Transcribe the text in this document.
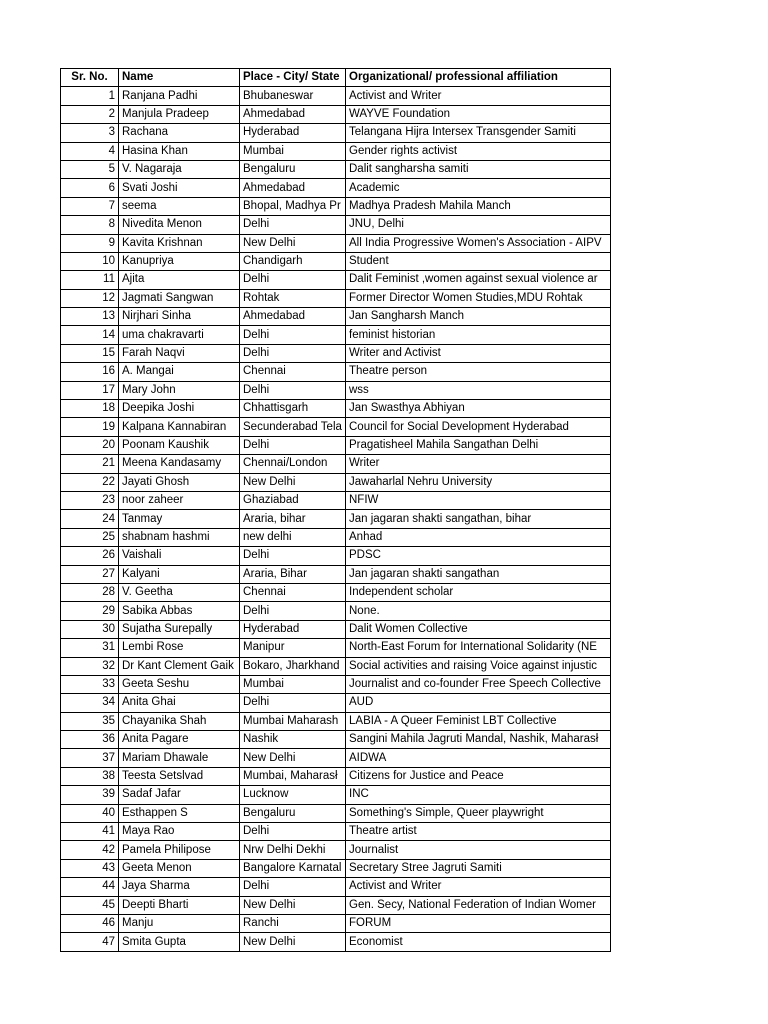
Sr. No.	Name	Place - City/ State	Organizational/ professional affiliation
1	Ranjana Padhi	Bhubaneswar	Activist and Writer
2	Manjula Pradeep	Ahmedabad	WAYVE Foundation
3	Rachana	Hyderabad	Telangana Hijra Intersex Transgender Samiti
4	Hasina Khan	Mumbai	Gender rights activist
5	V. Nagaraja	Bengaluru	Dalit sangharsha samiti
6	Svati Joshi	Ahmedabad	Academic
7	seema	Bhopal, Madhya Pr	Madhya Pradesh Mahila Manch
8	Nivedita Menon	Delhi	JNU, Delhi
9	Kavita Krishnan	New Delhi	All India Progressive Women's Association - AIPV
10	Kanupriya	Chandigarh	Student
11	Ajita	Delhi	Dalit Feminist ,women against sexual violence ar
12	Jagmati Sangwan	Rohtak	Former Director Women Studies,MDU Rohtak
13	Nirjhari Sinha	Ahmedabad	Jan Sangharsh Manch
14	uma chakravarti	Delhi	feminist historian
15	Farah Naqvi	Delhi	Writer and Activist
16	A. Mangai	Chennai	Theatre person
17	Mary John	Delhi	wss
18	Deepika Joshi	Chhattisgarh	Jan Swasthya Abhiyan
19	Kalpana Kannabiran	Secunderabad Tela	Council for Social Development Hyderabad
20	Poonam Kaushik	Delhi	Pragatisheel Mahila Sangathan Delhi
21	Meena Kandasamy	Chennai/London	Writer
22	Jayati Ghosh	New Delhi	Jawaharlal Nehru University
23	noor zaheer	Ghaziabad	NFIW
24	Tanmay	Araria, bihar	Jan jagaran shakti sangathan, bihar
25	shabnam hashmi	new delhi	Anhad
26	Vaishali	Delhi	PDSC
27	Kalyani	Araria, Bihar	Jan jagaran shakti sangathan
28	V. Geetha	Chennai	Independent scholar
29	Sabika Abbas	Delhi	None.
30	Sujatha Surepally	Hyderabad	Dalit Women Collective
31	Lembi Rose	Manipur	North-East Forum for International Solidarity (NE
32	Dr Kant Clement Gaik	Bokaro, Jharkhand	Social activities and raising Voice against injustic
33	Geeta Seshu	Mumbai	Journalist and co-founder Free Speech Collective
34	Anita Ghai	Delhi	AUD
35	Chayanika Shah	Mumbai Maharash	LABIA - A Queer Feminist LBT Collective
36	Anita Pagare	Nashik	Sangini Mahila Jagruti Mandal, Nashik, Maharasł
37	Mariam Dhawale	New Delhi	AIDWA
38	Teesta Setslvad	Mumbai, Maharasł	Citizens for Justice and Peace
39	Sadaf Jafar	Lucknow	INC
40	Esthappen S	Bengaluru	Something's Simple, Queer playwright
41	Maya Rao	Delhi	Theatre artist
42	Pamela Philipose	Nrw Delhi Dekhi	Journalist
43	Geeta Menon	Bangalore Karnatal	Secretary Stree Jagruti Samiti
44	Jaya Sharma	Delhi	Activist and Writer
45	Deepti Bharti	New Delhi	Gen. Secy, National Federation of Indian Womer
46	Manju	Ranchi	FORUM
47	Smita Gupta	New Delhi	Economist
